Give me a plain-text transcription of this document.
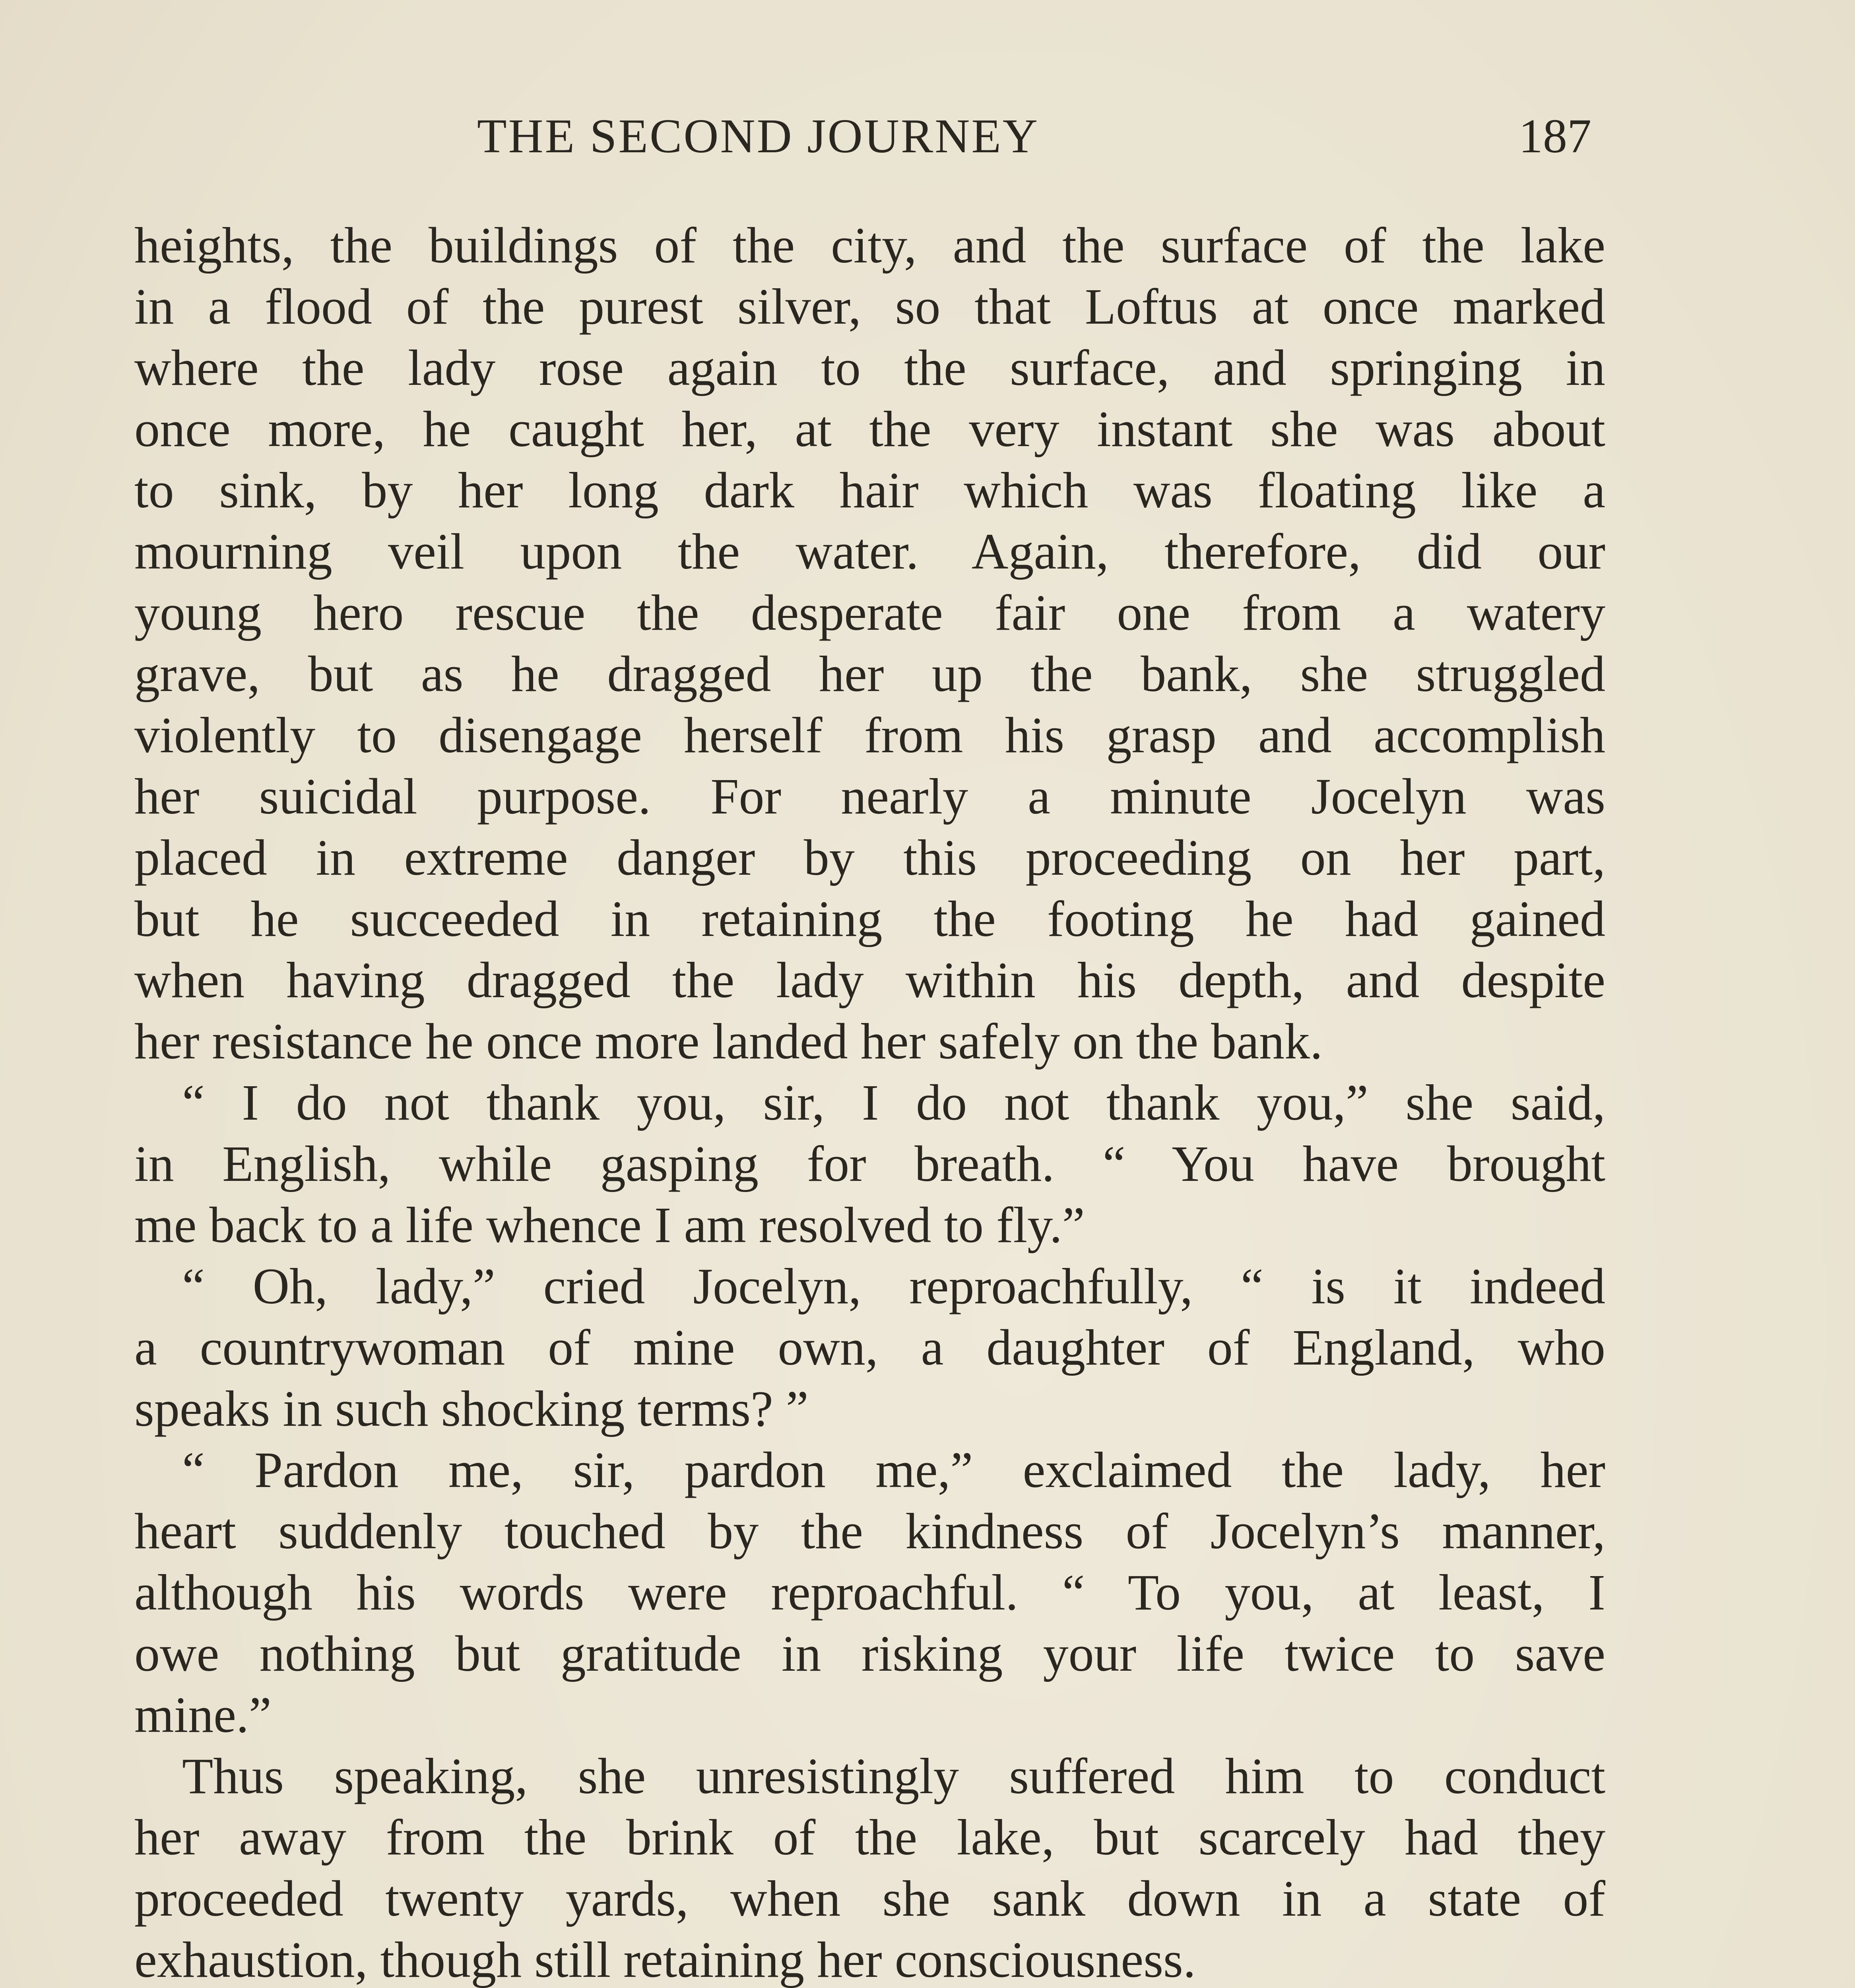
THE SECOND JOURNEY	187
heights, the buildings of the city, and the surface of the lake
in a flood of the purest silver, so that Loftus at once marked
where the lady rose again to the surface, and springing in
once more, he caught her, at the very instant she was about
to sink, by her long dark hair which was floating like a
mourning veil upon the water. Again, therefore, did our
young hero rescue the desperate fair one from a watery
grave, but as he dragged her up the bank, she struggled
violently to disengage herself from his grasp and accomplish
her suicidal purpose. For nearly a minute Jocelyn was
placed in extreme danger by this proceeding on her part,
but he succeeded in retaining the footing he had gained
when having dragged the lady within his depth, and despite
her resistance he once more landed her safely on the bank.
“ I do not thank you, sir, I do not thank you,” she said,
in English, while gasping for breath. “ You have brought
me back to a life whence I am resolved to fly.”
“ Oh, lady,” cried Jocelyn, reproachfully, “ is it indeed
a countrywoman of mine own, a daughter of England, who
speaks in such shocking terms? ”
“ Pardon me, sir, pardon me,” exclaimed the lady, her
heart suddenly touched by the kindness of Jocelyn’s manner,
although his words were reproachful. “ To you, at least, I
owe nothing but gratitude in risking your life twice to save
mine.”
Thus speaking, she unresistingly suffered him to conduct
her away from the brink of the lake, but scarcely had they
proceeded twenty yards, when she sank down in a state of
exhaustion, though still retaining her consciousness.
